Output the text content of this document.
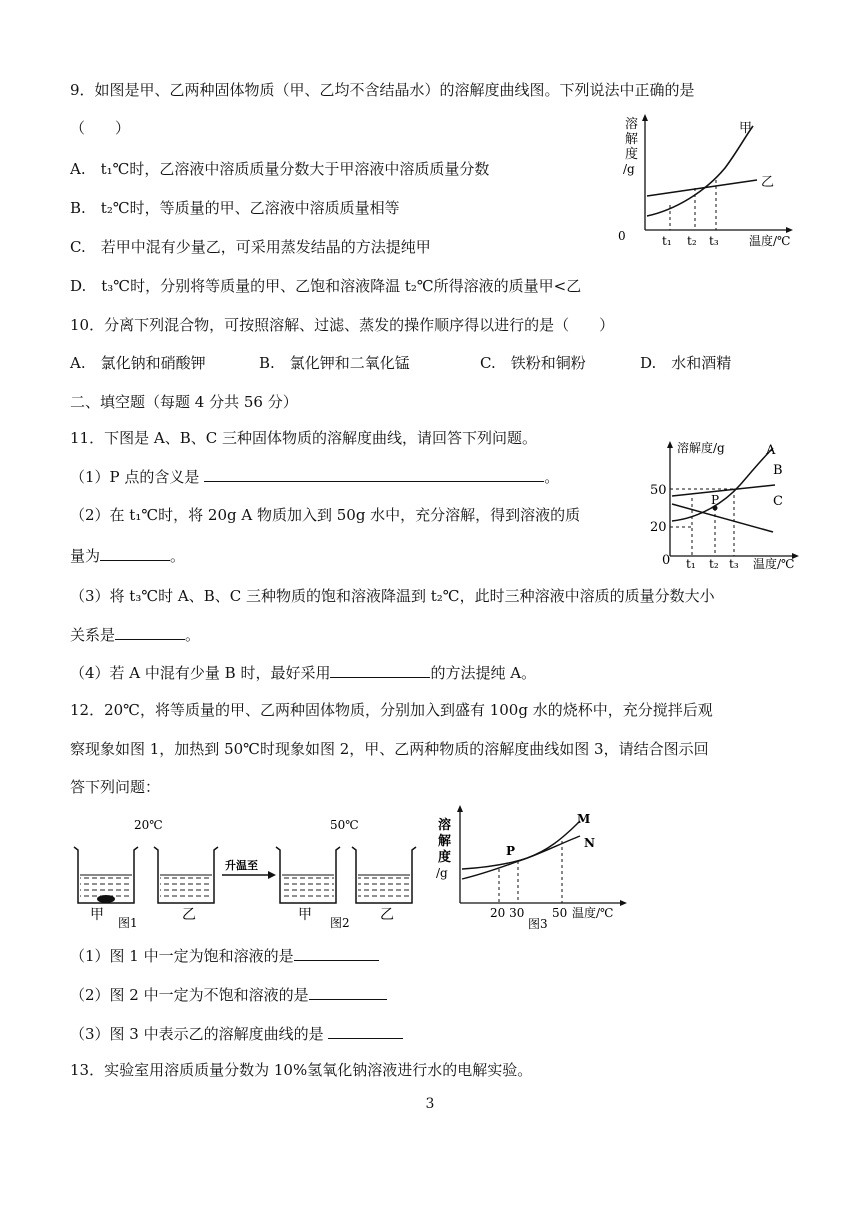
9．如图是甲、乙两种固体物质（甲、乙均不含结晶水）的溶解度曲线图。下列说法中正确的是
（　　）
A.　t₁℃时，乙溶液中溶质质量分数大于甲溶液中溶质质量分数
B.　t₂℃时，等质量的甲、乙溶液中溶质质量相等
C.　若甲中混有少量乙，可采用蒸发结晶的方法提纯甲
D.　t₃℃时，分别将等质量的甲、乙饱和溶液降温 t₂℃所得溶液的质量甲<乙
溶
解
度
/g
甲
乙
0	t₁ t₂ t₃	温度/℃
10．分离下列混合物，可按照溶解、过滤、蒸发的操作顺序得以进行的是（　　）
A.　氯化钠和硝酸钾	B.　氯化钾和二氧化锰	C.　铁粉和铜粉	D.　水和酒精
二、填空题（每题 4 分共 56 分）
11．下图是 A、B、C 三种固体物质的溶解度曲线，请回答下列问题。
（1）P 点的含义是	。
（2）在 t₁℃时，将 20g A 物质加入到 50g 水中，充分溶解，得到溶液的质
量为	。
（3）将 t₃℃时 A、B、C 三种物质的饱和溶液降温到 t₂℃，此时三种溶液中溶质的质量分数大小
关系是	。
（4）若 A 中混有少量 B 时，最好采用	的方法提纯 A。
溶解度/g
P
A
B
C
50
20
0 t₁ t₂ t₃ 温度/℃
12．20℃，将等质量的甲、乙两种固体物质，分别加入到盛有 100g 水的烧杯中，充分搅拌后观
察现象如图 1，加热到 50℃时现象如图 2，甲、乙两种物质的溶解度曲线如图 3，请结合图示回
答下列问题：
20℃	50℃
升温至
甲 图1	乙	甲 图2 乙
溶
解
度
/g
P
M
N
20 30 50 温度/℃
图3
（1）图 1 中一定为饱和溶液的是
（2）图 2 中一定为不饱和溶液的是
（3）图 3 中表示乙的溶解度曲线的是
13．实验室用溶质质量分数为 10%氢氧化钠溶液进行水的电解实验。
3
